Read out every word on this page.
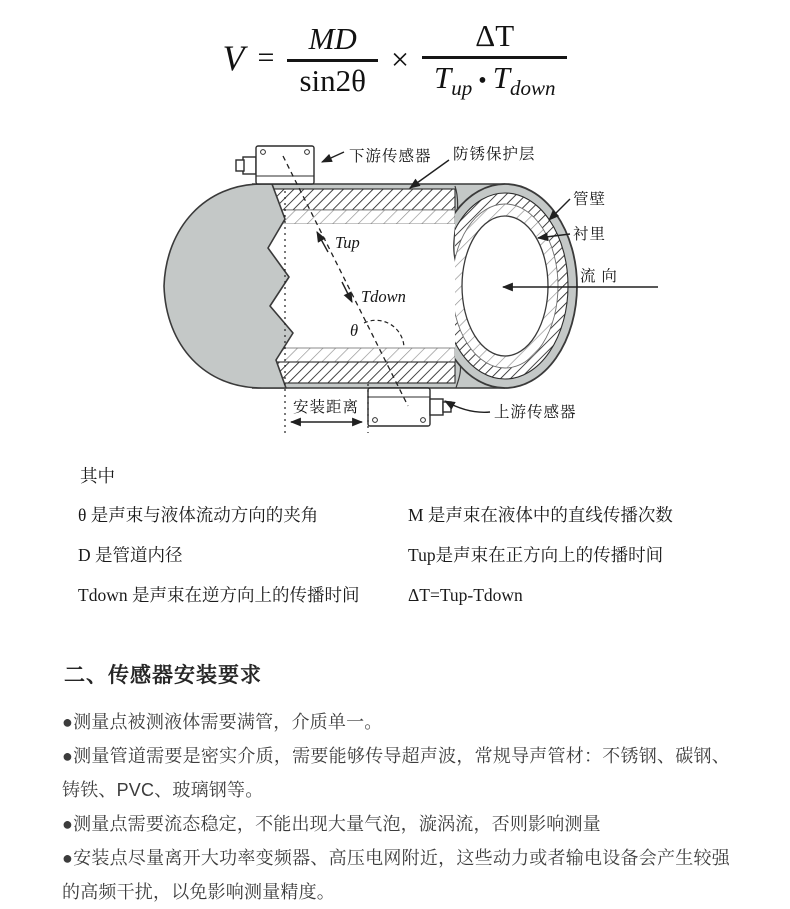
$V = \frac{MD}{\sin 2\theta} \times \frac{\Delta T}{T_{up} • T_{down}}$
下游传感器 防锈保护层
管壁
衬里
流 向
上游传感器
安装距离
Tup
Tdown
θ
其中
θ 是声束与液体流动方向的夹角	M 是声束在液体中的直线传播次数
D 是管道内径	Tup是声束在正方向上的传播时间
Tdown 是声束在逆方向上的传播时间	ΔT=Tup-Tdown
二、传感器安装要求

●测量点被测液体需要满管，介质单一。

●测量管道需要是密实介质，需要能够传导超声波，常规导声管材：不锈钢、碳钢、铸铁、PVC、玻璃钢等。

●测量点需要流态稳定，不能出现大量气泡，漩涡流，否则影响测量

●安装点尽量离开大功率变频器、高压电网附近，这些动力或者输电设备会产生较强的高频干扰，以免影响测量精度。
